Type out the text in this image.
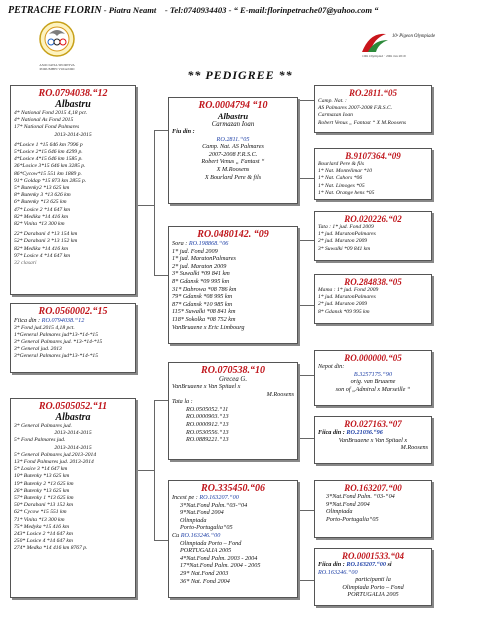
PETRACHE FLORIN - Piatra Neamt - Tel:0740934403 - “ E-mail:florinpetrache07@yahoo.com “
ASOCIATIA SPORTIVA PORUMBEI VOIAJORI
10ᵉ Pigeon Olympiade
10th Olympiad · 20th Jan 2019
** PEDIGREE **
RO.0794038.“12
Albastru
4* National Fond 2015 4,18 pct.
4* National As Fond 2015
17* National Fond Palmares
2013-2014-2015

4*Losice 1 *15 646 km 7996 p
5*Losice 2*15 646 km 4299 p.
4*Losice 4*15 646 km 1585 p.
36*Losice 3*15 646 km 3285 p.
86*Cycow*15 551 km 1889 p.
91* Goldap *15 873 km 2855 p.
5* Butenky2 *13 625 km
8* Butenky 3 *13 626 km
6* Butenky *13 625 km
47* Losice 2 *14 647 km
82* Medika *14 416 km
82* Vinita *13 300 km

22* Darabani 4 *13 154 km
52* Darabani 3 *13 152 km
82* Medika *14 416 km
97* Losice 4 *14 647 km
32 clasari
RO.0560002.“15
Fiica din : RO.0794038.“12
3* Fond jud.2015 4,18 pct.
1*General Palmares jud*13-*14-*15
3* General Palmares jud. *13-*14-*15
3* General jud. 2013
3*General Palmares jud*13-*14-*15
RO.0505052.“11
Albastra
3* General Palmares jud.
2013-2014-2015
5* Fond Palmares jud.
2013-2014-2015
5* General Palmares jud.2013-2014
13* Fond Palmares jud. 2013-2014
5* Losice 3 *14 647 km
10* Butenky *13 625 km
19* Butenky 2 *13 625 km
26* Butenky *13 625 km
57* Butenky 1 *13 625 km
50* Darabani *13 152 km
62* Cycow *15 551 km
71* Vinita *13 300 km
75* Medyka *15 416 km
243* Losice 2 *14 647 km
250* Losice 4 *14 647 km
274* Medka *14 416 km 8767 p.
RO.0004794 “10
Albastru
Carmazan Ioan
Fiu din :
RO.2811.“05
Camp. Nat. AS Palmares
2007-2008 F.R.S.C.
Robert Venus „ Fantast “
X M.Roosens
X Bourlard Pere & fils
RO.0480142. “09
Sora : RO.198868.“06
1* jud. Fond 2009
1* jud. MaratonPalmares
2* jud. Maraton 2009
3* Suwalki *09 841 km
8* Gdansk *09 995 km
31* Dabrowa *08 786 km
79* Gdansk *08 995 km
87* Gdansk *10 985 km
115* Suwalki *08 841 km
118* Sokolka *08 752 km
VanBruaene x Eric Limbourg
RO.070538.“10
Grecea G.
VanBruaene x Van Spitael x
M.Roosens
Tata la :
RO.0505052.“11
RO.0000903.“13
RO.0000912.“13
RO.0530556.“13
RO.0889221.“13
RO.335450.“06
Incest pe : RO.163207.“00
3*Nat.Fond Palm.“03-“04
9*Nat.Fond 2004
Olimpiada
Porto-Portugalia“05
Cu RO.163246.“00
Olimpiada Porto – Fond
PORTUGALIA 2005
4*Nat.Fond Palm. 2003 - 2004
17*Nat.Fond Palm. 2004 - 2005
29* Nat.Fond 2003
36* Nat. Fond 2004
RO.2811.“05
Camp. Nat. :
AS Palmares 2007-2008 F.R.S.C.
Carmazan Ioan
Robert Venus „ Fantast “ X M.Roosens
B.9107364.“09
Bourlard Pere & fils
1* Nat. Montelimar *10
1* Nat. Cahors *06
1* Nat. Limoges *05
1* Nat. Orange hens *05
RO.020226.“02
Tata : 1* jud. Fond 2009
1* jud. MaratonPalmares
2* jud. Maraton 2009
3* Suwalki *09 841 km
RO.284838.“05
Mama : 1* jud. Fond 2009
1* jud. MaratonPalmares
2* jud. Maraton 2009
8* Gdansk *09 995 km
RO.000000.“05
Nepot din:
B.3257175.“90
orig. van Bruaene
son of „Admiral x Marseille “
RO.027163.“07
Fiica din : RO.21036.“96
VanBruaene x Van Spitael x
M.Roosens
RO.163207.“00
3*Nat.Fond Palm. “03-“04
9*Nat.Fond 2004
Olimpiada
Porto-Portugalia“05
RO.0001533.“04
Fiica din : RO.163207.“00 si
RO.163246.“00
participanti la
Olimpiada Porto – Fond
PORTUGALIA 2005
